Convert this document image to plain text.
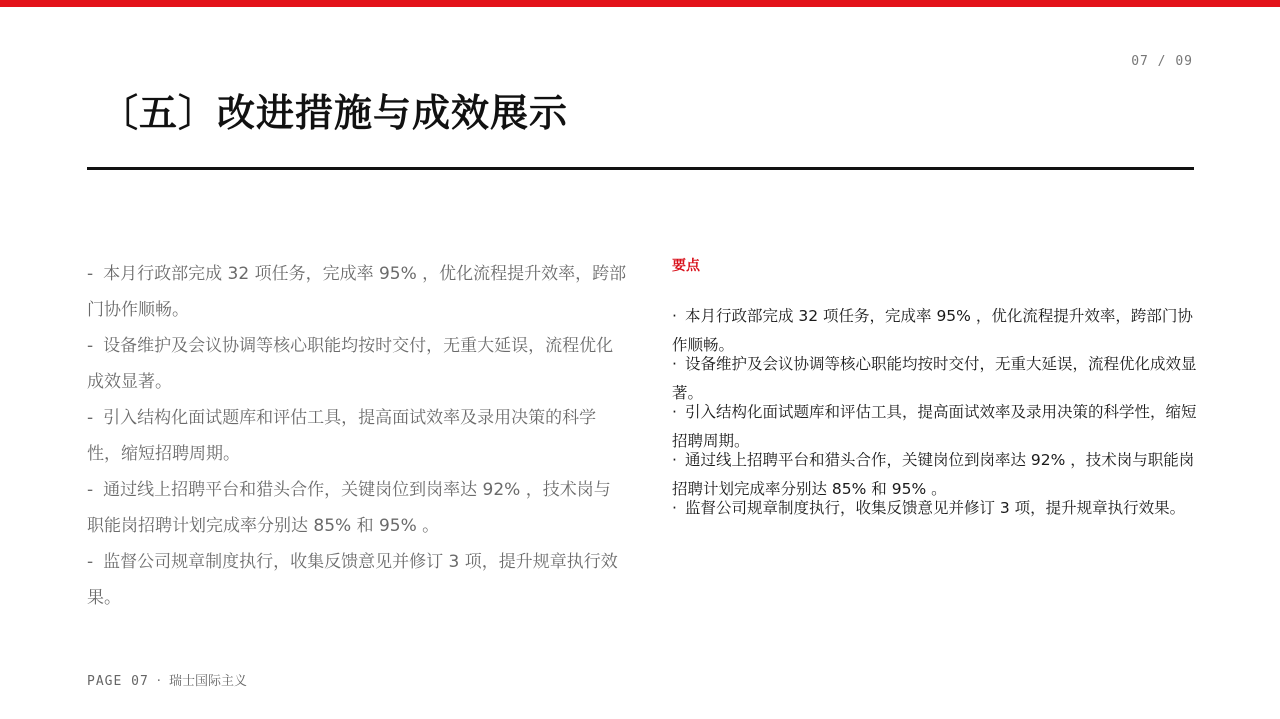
07 / 09
〔五〕改进措施与成效展示
- 本月行政部完成 32 项任务，完成率 95% ，优化流程提升效率，跨部门协作顺畅。
- 设备维护及会议协调等核心职能均按时交付，无重大延误，流程优化成效显著。
- 引入结构化面试题库和评估工具，提高面试效率及录用决策的科学性，缩短招聘周期。
- 通过线上招聘平台和猎头合作，关键岗位到岗率达 92% ，技术岗与职能岗招聘计划完成率分别达 85% 和 95% 。
- 监督公司规章制度执行，收集反馈意见并修订 3 项，提升规章执行效果。
要点
· 本月行政部完成 32 项任务，完成率 95% ，优化流程提升效率，跨部门协作顺畅。
· 设备维护及会议协调等核心职能均按时交付，无重大延误，流程优化成效显著。
· 引入结构化面试题库和评估工具，提高面试效率及录用决策的科学性，缩短招聘周期。
· 通过线上招聘平台和猎头合作，关键岗位到岗率达 92% ，技术岗与职能岗招聘计划完成率分别达 85% 和 95% 。
· 监督公司规章制度执行，收集反馈意见并修订 3 项，提升规章执行效果。
PAGE 07 · 瑞士国际主义
